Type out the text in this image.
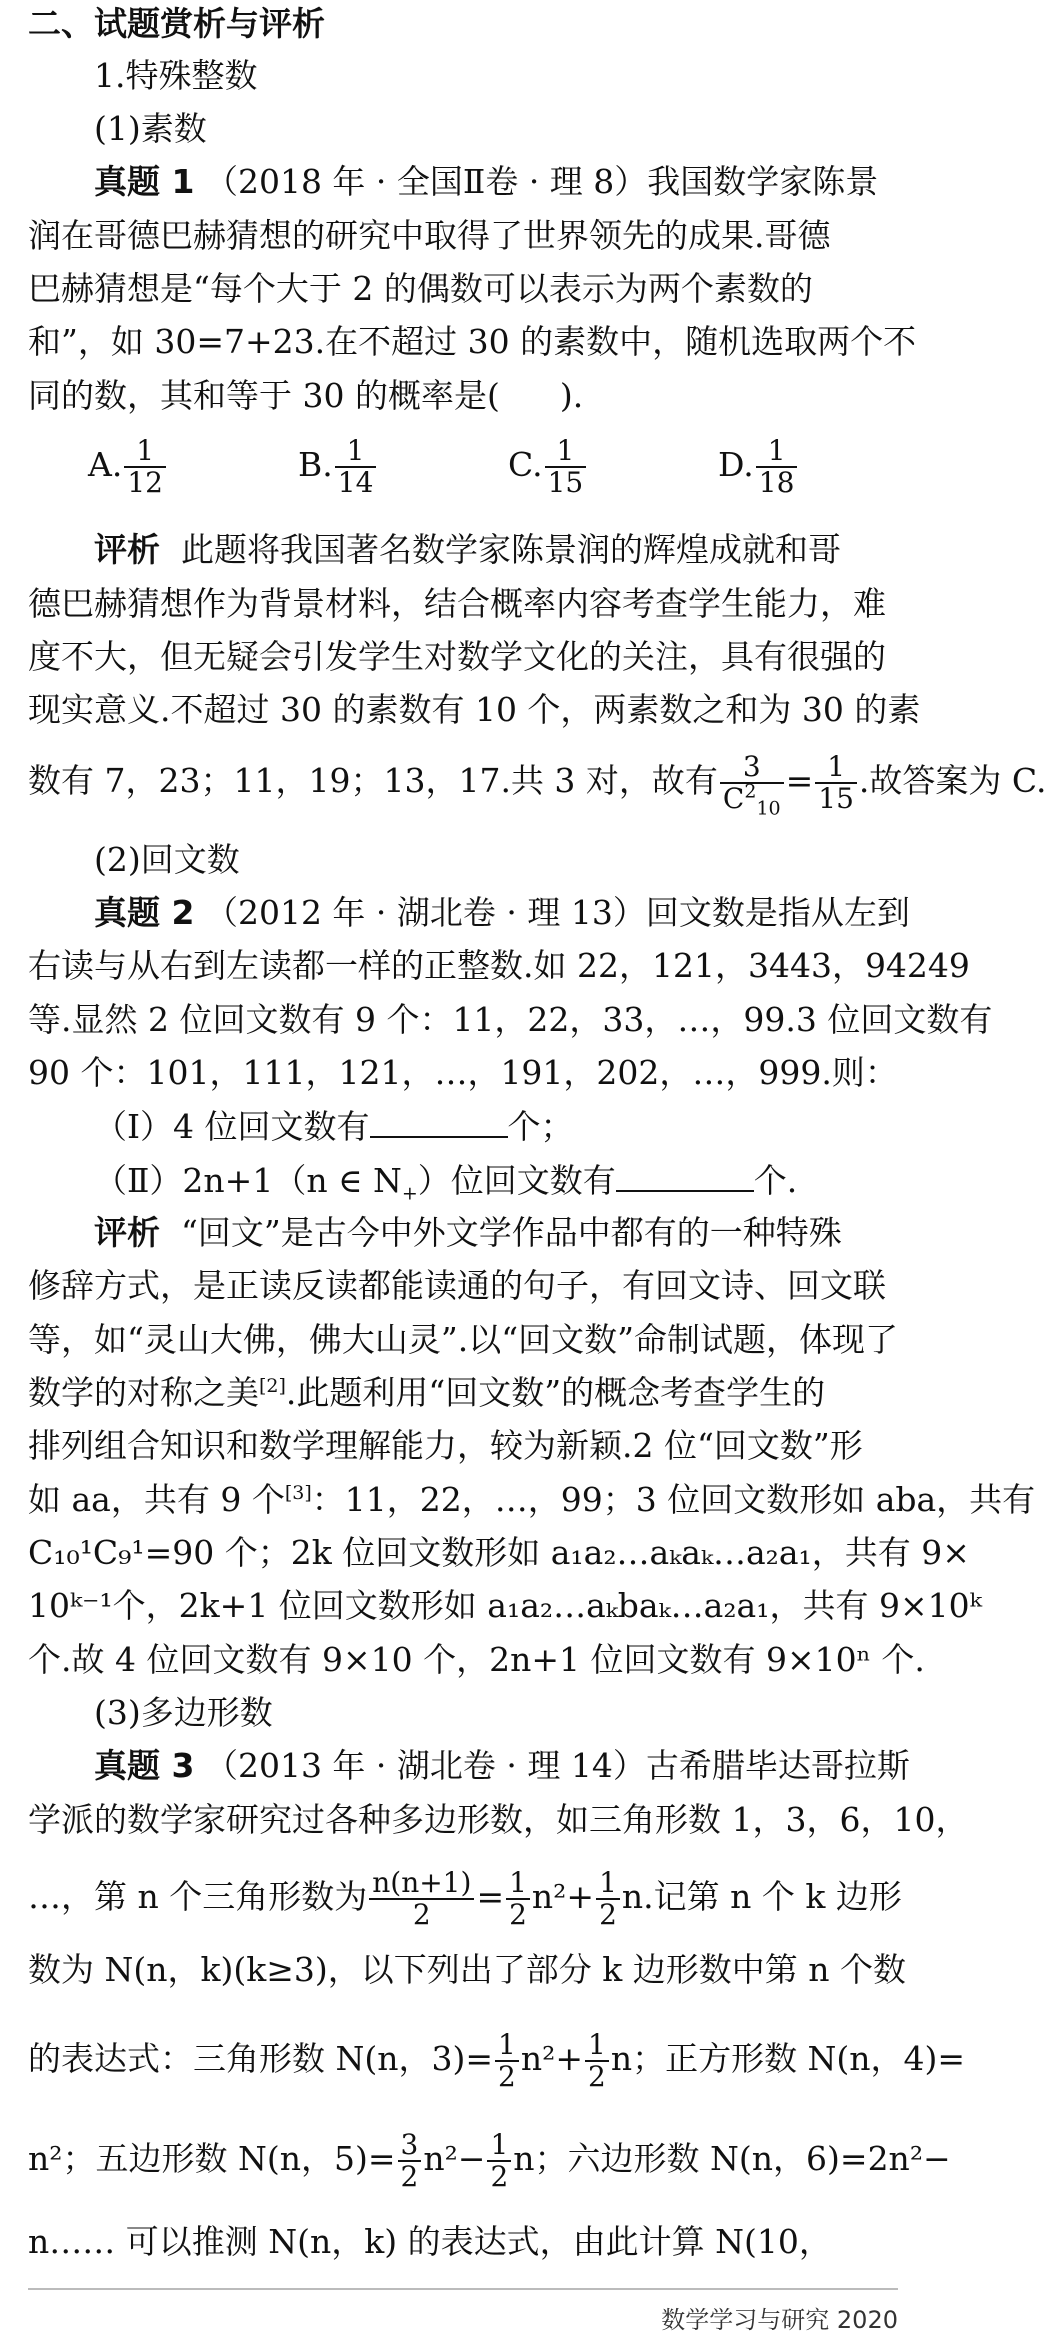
二、试题赏析与评析
1.特殊整数
(1)素数
真题 1 （2018 年 · 全国Ⅱ卷 · 理 8）我国数学家陈景
润在哥德巴赫猜想的研究中取得了世界领先的成果.哥德
巴赫猜想是“每个大于 2 的偶数可以表示为两个素数的
和”，如 30=7+23.在不超过 30 的素数中，随机选取两个不
同的数，其和等于 30 的概率是( ).
A. $\frac{1}{12}$	B. $\frac{1}{14}$	C. $\frac{1}{15}$	D. $\frac{1}{18}$
评析 此题将我国著名数学家陈景润的辉煌成就和哥
德巴赫猜想作为背景材料，结合概率内容考查学生能力，难
度不大，但无疑会引发学生对数学文化的关注，具有很强的
现实意义.不超过 30 的素数有 10 个，两素数之和为 30 的素
数有 7，23；11，19；13，17.共 3 对，故有 $\frac{3}{C^2_{10}} = \frac{1}{15}$ .故答案为 C.
(2)回文数
真题 2 （2012 年 · 湖北卷 · 理 13）回文数是指从左到
右读与从右到左读都一样的正整数.如 22，121，3443，94249
等.显然 2 位回文数有 9 个：11，22，33，…，99.3 位回文数有
90 个：101，111，121，…，191，202，…，999.则：
（Ⅰ）4 位回文数有	个；
（Ⅱ）2n+1（n ∈ $N_+$）位回文数有	个.
评析 “回文”是古今中外文学作品中都有的一种特殊
修辞方式，是正读反读都能读通的句子，有回文诗、回文联
等，如“灵山大佛，佛大山灵”.以“回文数”命制试题，体现了
数学的对称之美[2].此题利用“回文数”的概念考查学生的
排列组合知识和数学理解能力，较为新颖.2 位“回文数”形
如 aa，共有 9 个[3]：11，22，…，99；3 位回文数形如 aba，共有
C₁₀¹C₉¹=90 个；2k 位回文数形如 a₁a₂…aₖaₖ…a₂a₁，共有 9×
10ᵏ⁻¹个，2k+1 位回文数形如 a₁a₂…aₖbaₖ…a₂a₁，共有 9×10ᵏ
个.故 4 位回文数有 9×10 个，2n+1 位回文数有 9×10ⁿ 个.
(3)多边形数
真题 3 （2013 年 · 湖北卷 · 理 14）古希腊毕达哥拉斯
学派的数学家研究过各种多边形数，如三角形数 1，3，6，10，
…，第 n 个三角形数为 $\frac{n(n+1)}{2} = \frac{1}{2} n^2+ \frac{1}{2} n$.记第 n 个 k 边形
数为 N(n，k)(k≥3)，以下列出了部分 k 边形数中第 n 个数
的表达式：三角形数 N(n，$3)= \frac{1}{2} n^2+ \frac{1}{2}$ n；正方形数 N(n，4)=
n²；五边形数 N(n，$5)= \frac{3}{2} n^2- \frac{1}{2}$ n；六边形数 N(n，6)=2n²−
n…… 可以推测 N(n，k) 的表达式，由此计算 N(10，
数学学习与研究 2020
